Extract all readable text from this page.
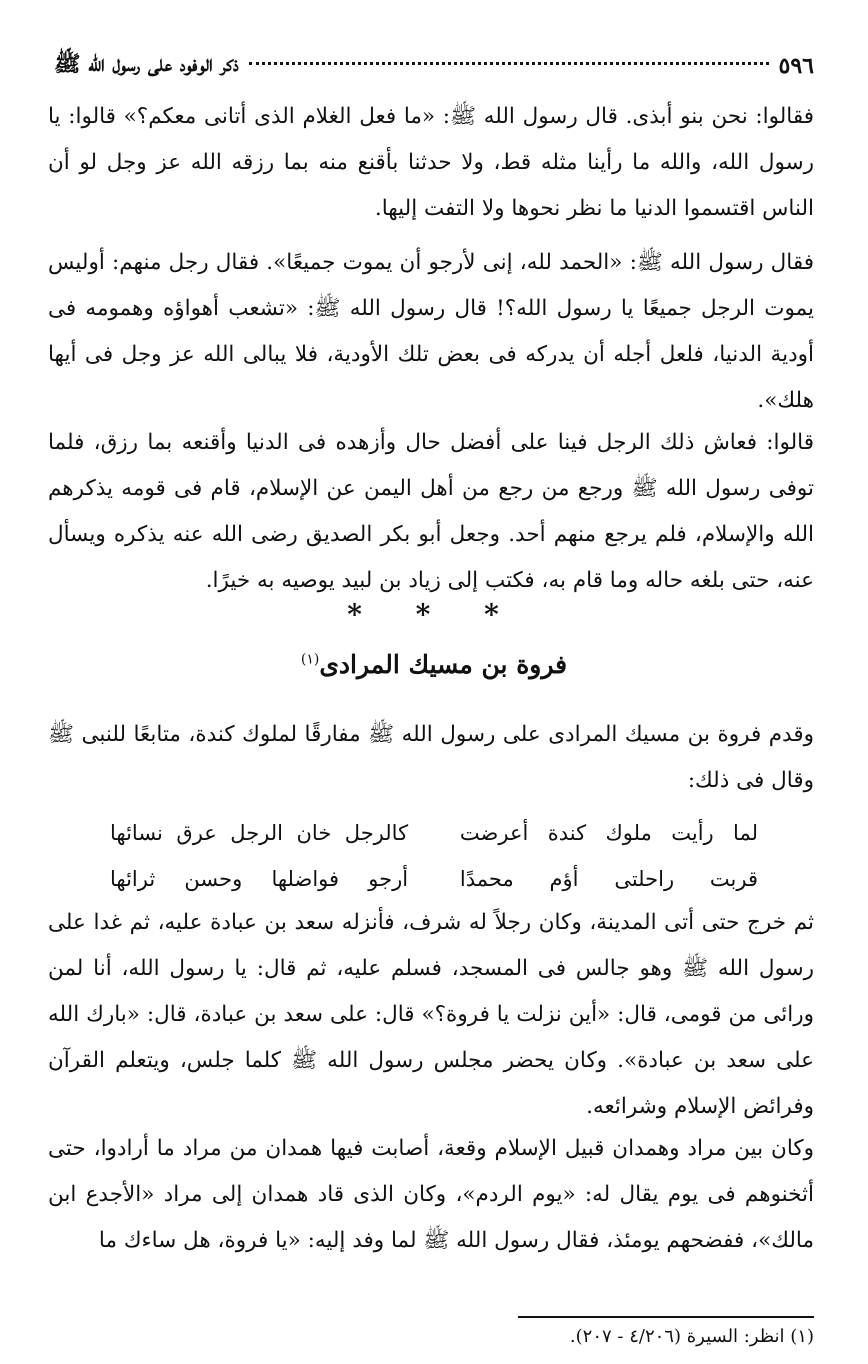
٥٩٦
ذكر الوفود على رسول الله ﷺ

فقالوا: نحن بنو أبذى. قال رسول الله ﷺ: «ما فعل الغلام الذى أتانى معكم؟» قالوا: يا رسول الله، والله ما رأينا مثله قط، ولا حدثنا بأقنع منه بما رزقه الله عز وجل لو أن الناس اقتسموا الدنيا ما نظر نحوها ولا التفت إليها.

فقال رسول الله ﷺ: «الحمد لله، إنى لأرجو أن يموت جميعًا». فقال رجل منهم: أوليس يموت الرجل جميعًا يا رسول الله؟! قال رسول الله ﷺ: «تشعب أهواؤه وهمومه فى أودية الدنيا، فلعل أجله أن يدركه فى بعض تلك الأودية، فلا يبالى الله عز وجل فى أيها هلك».

قالوا: فعاش ذلك الرجل فينا على أفضل حال وأزهده فى الدنيا وأقنعه بما رزق، فلما توفى رسول الله ﷺ ورجع من رجع من أهل اليمن عن الإسلام، قام فى قومه يذكرهم الله والإسلام، فلم يرجع منهم أحد. وجعل أبو بكر الصديق رضى الله عنه يذكره ويسأل عنه، حتى بلغه حاله وما قام به، فكتب إلى زياد بن لبيد يوصيه به خيرًا.

* * *
فروة بن مسيك المرادى$^{(١)}$

وقدم فروة بن مسيك المرادى على رسول الله ﷺ مفارقًا لملوك كندة، متابعًا للنبى ﷺ وقال فى ذلك:

لما رأيت ملوك كندة أعرضت
كالرجل خان الرجل عرق نسائها
قربت راحلتى أؤم محمدًا
أرجو فواضلها وحسن ثرائها

ثم خرج حتى أتى المدينة، وكان رجلاً له شرف، فأنزله سعد بن عبادة عليه، ثم غدا على رسول الله ﷺ وهو جالس فى المسجد، فسلم عليه، ثم قال: يا رسول الله، أنا لمن ورائى من قومى، قال: «أين نزلت يا فروة؟» قال: على سعد بن عبادة، قال: «بارك الله على سعد بن عبادة». وكان يحضر مجلس رسول الله ﷺ كلما جلس، ويتعلم القرآن وفرائض الإسلام وشرائعه.

وكان بين مراد وهمدان قبيل الإسلام وقعة، أصابت فيها همدان من مراد ما أرادوا، حتى أثخنوهم فى يوم يقال له: «يوم الردم»، وكان الذى قاد همدان إلى مراد «الأجدع ابن مالك»، ففضحهم يومئذ، فقال رسول الله ﷺ لما وفد إليه: «يا فروة، هل ساءك ما

(١) انظر: السيرة (٤/٢٠٦ - ٢٠٧).
